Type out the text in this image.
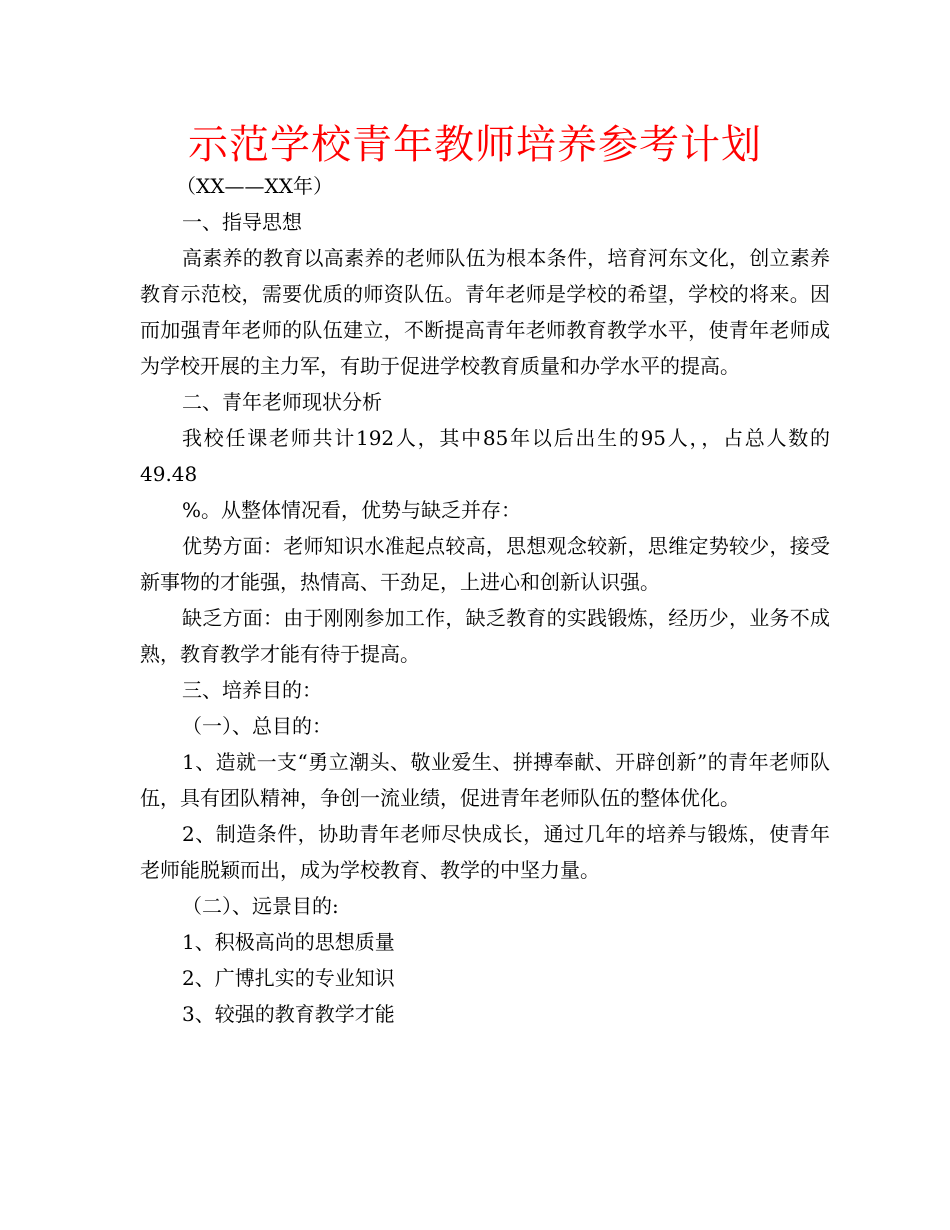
示范学校青年教师培养参考计划

（XX——XX年）

一、指导思想

高素养的教育以高素养的老师队伍为根本条件，培育河东文化，创立素养教育示范校，需要优质的师资队伍。青年老师是学校的希望，学校的将来。因而加强青年老师的队伍建立，不断提高青年老师教育教学水平，使青年老师成为学校开展的主力军，有助于促进学校教育质量和办学水平的提高。

二、青年老师现状分析

我校任课老师共计192人，其中85年以后出生的95人，，占总人数的49.48

%。从整体情况看，优势与缺乏并存：

优势方面：老师知识水准起点较高，思想观念较新，思维定势较少，接受新事物的才能强，热情高、干劲足，上进心和创新认识强。

缺乏方面：由于刚刚参加工作，缺乏教育的实践锻炼，经历少，业务不成熟，教育教学才能有待于提高。

三、培养目的：

（一）、总目的：

1、造就一支“勇立潮头、敬业爱生、拼搏奉献、开辟创新”的青年老师队伍，具有团队精神，争创一流业绩，促进青年老师队伍的整体优化。

2、制造条件，协助青年老师尽快成长，通过几年的培养与锻炼，使青年老师能脱颖而出，成为学校教育、教学的中坚力量。

（二）、远景目的:

1、积极高尚的思想质量

2、广博扎实的专业知识

3、较强的教育教学才能
